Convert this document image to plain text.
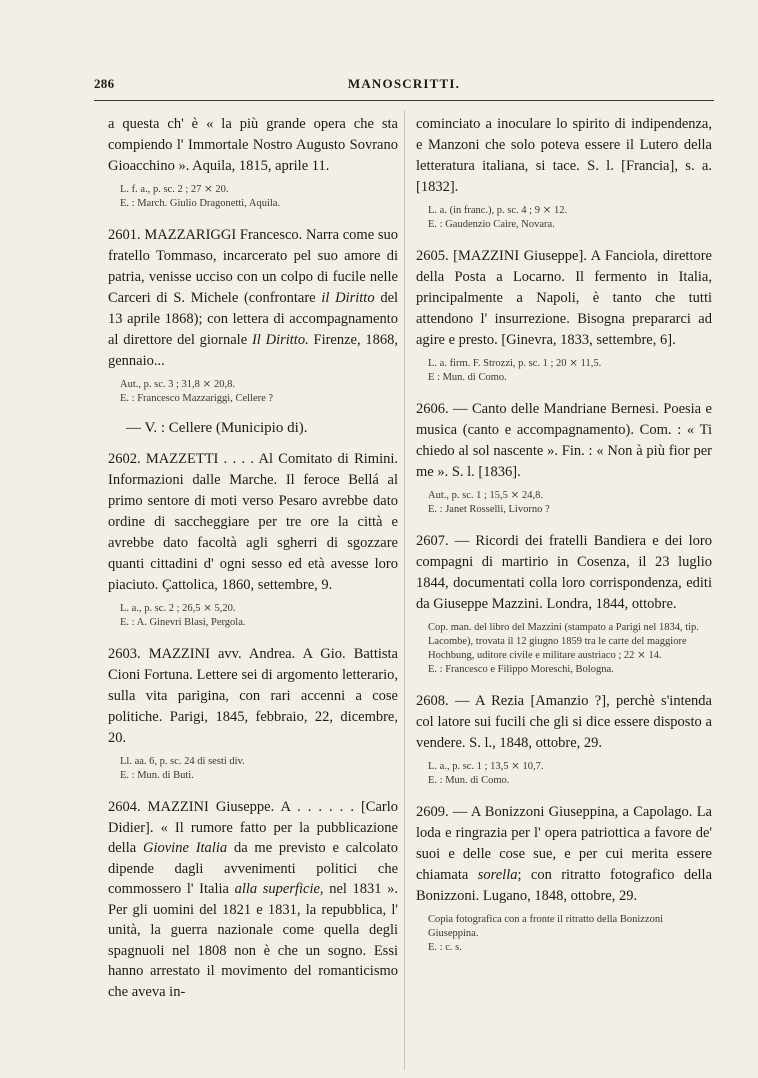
286	MANOSCRITTI.

a questa ch' è « la più grande opera che sta compiendo l' Immortale Nostro Augusto Sovrano Gioacchino ». Aquila, 1815, aprile 11.

L. f. a., p. sc. 2 ; 27 ⨯ 20.
E. : March. Giulio Dragonetti, Aquila.

2601. MAZZARIGGI Francesco. Narra come suo fratello Tommaso, incarcerato pel suo amore di patria, venisse ucciso con un colpo di fucile nelle Carceri di S. Michele (confrontare il Diritto del 13 aprile 1868); con lettera di accompagnamento al direttore del giornale Il Diritto. Firenze, 1868, gennaio...

Aut., p. sc. 3 ; 31,8 ⨯ 20,8.
E. : Francesco Mazzariggi, Cellere ?
— V. : Cellere (Municipio di).

2602. MAZZETTI . . . . Al Comitato di Rimini. Informazioni dalle Marche. Il feroce Bellá al primo sentore di moti verso Pesaro avrebbe dato ordine di saccheggiare per tre ore la città e avrebbe dato facoltà agli sgherri di sgozzare quanti cittadini d' ogni sesso ed età avesse loro piaciuto. Çattolica, 1860, settembre, 9.

L. a., p. sc. 2 ; 26,5 ⨯ 5,20.
E. : A. Ginevri Blasi, Pergola.

2603. MAZZINI avv. Andrea. A Gio. Battista Cioni Fortuna. Lettere sei di argomento letterario, sulla vita parigina, con rari accenni a cose politiche. Parigi, 1845, febbraio, 22, dicembre, 20.

Ll. aa. 6, p. sc. 24 di sesti div.
E. : Mun. di Buti.

2604. MAZZINI Giuseppe. A . . . . . . [Carlo Didier]. « Il rumore fatto per la pubblicazione della Giovine Italia da me previsto e calcolato dipende dagli avvenimenti politici che commossero l' Italia alla superficie, nel 1831 ». Per gli uomini del 1821 e 1831, la repubblica, l' unità, la guerra nazionale come quella degli spagnuoli nel 1808 non è che un sogno. Essi hanno arrestato il movimento del romanticismo che aveva in-

cominciato a inoculare lo spirito di indipendenza, e Manzoni che solo poteva essere il Lutero della letteratura italiana, si tace. S. l. [Francia], s. a. [1832].

L. a. (in franc.), p. sc. 4 ; 9 ⨯ 12.
E. : Gaudenzio Caire, Novara.

2605. [MAZZINI Giuseppe]. A Fanciola, direttore della Posta a Locarno. Il fermento in Italia, principalmente a Napoli, è tanto che tutti attendono l' insurrezione. Bisogna prepararci ad agire e presto. [Ginevra, 1833, settembre, 6].

L. a. firm. F. Strozzi, p. sc. 1 ; 20 ⨯ 11,5.
E : Mun. di Como.

2606. — Canto delle Mandriane Bernesi. Poesia e musica (canto e accompagnamento). Com. : « Ti chiedo al sol nascente ». Fin. : « Non à più fior per me ». S. l. [1836].

Aut., p. sc. 1 ; 15,5 ⨯ 24,8.
E. : Janet Rosselli, Livorno ?

2607. — Ricordi dei fratelli Bandiera e dei loro compagni di martirio in Cosenza, il 23 luglio 1844, documentati colla loro corrispondenza, editi da Giuseppe Mazzini. Londra, 1844, ottobre.

Cop. man. del libro del Mazzini (stampato a Parigi nel 1834, tip. Lacombe), trovata il 12 giugno 1859 tra le carte del maggiore Hochbung, uditore civile e militare austriaco ; 22 ⨯ 14.
E. : Francesco e Filippo Moreschi, Bologna.

2608. — A Rezia [Amanzio ?], perchè s'intenda col latore sui fucili che gli si dice essere disposto a vendere. S. l., 1848, ottobre, 29.

L. a., p. sc. 1 ; 13,5 ⨯ 10,7.
E. : Mun. di Como.

2609. — A Bonizzoni Giuseppina, a Capolago. La loda e ringrazia per l' opera patriottica a favore de' suoi e delle cose sue, e per cui merita essere chiamata sorella; con ritratto fotografico della Bonizzoni. Lugano, 1848, ottobre, 29.

Copia fotografica con a fronte il ritratto della Bonizzoni Giuseppina.
E. : c. s.
